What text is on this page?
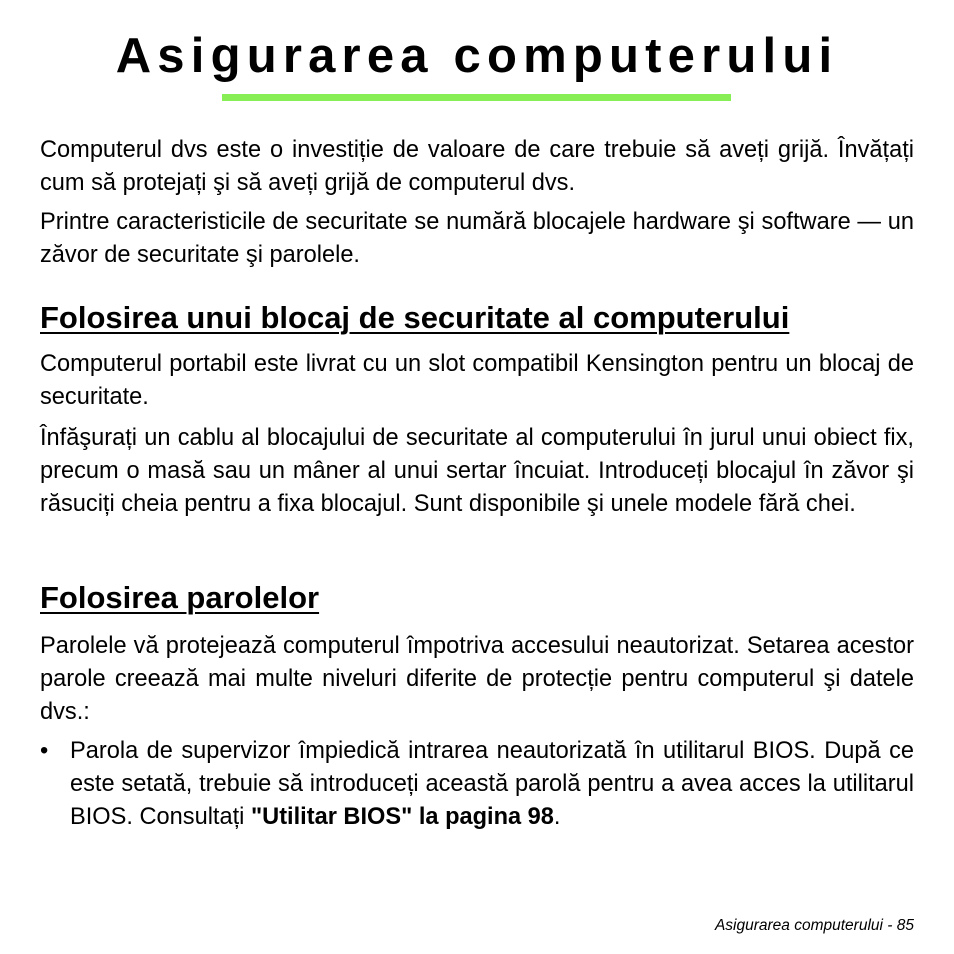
Asigurarea computerului

Computerul dvs este o investiție de valoare de care trebuie să aveți grijă. Învățați cum să protejați şi să aveți grijă de computerul dvs.

Printre caracteristicile de securitate se numără blocajele hardware şi software — un zăvor de securitate şi parolele.

Folosirea unui blocaj de securitate al computerului

Computerul portabil este livrat cu un slot compatibil Kensington pentru un blocaj de securitate.

Înfăşurați un cablu al blocajului de securitate al computerului în jurul unui obiect fix, precum o masă sau un mâner al unui sertar încuiat. Introduceți blocajul în zăvor şi răsuciți cheia pentru a fixa blocajul. Sunt disponibile şi unele modele fără chei.

Folosirea parolelor

Parolele vă protejează computerul împotriva accesului neautorizat. Setarea acestor parole creează mai multe niveluri diferite de protecție pentru computerul şi datele dvs.:

• Parola de supervizor împiedică intrarea neautorizată în utilitarul BIOS. După ce este setată, trebuie să introduceți această parolă pentru a avea acces la utilitarul BIOS. Consultați "Utilitar BIOS" la pagina 98.

Asigurarea computerului - 85
